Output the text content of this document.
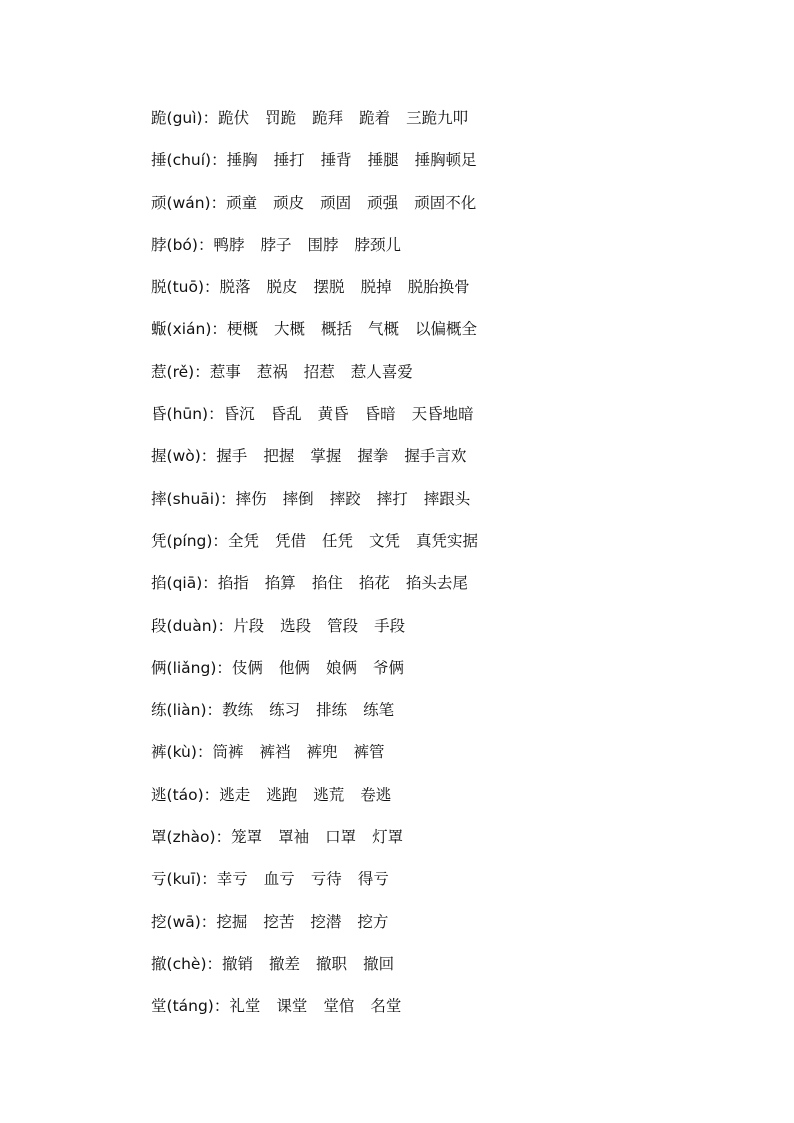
跪(guì)：跪伏 罚跪 跪拜 跪着 三跪九叩
捶(chuí)：捶胸 捶打 捶背 捶腿 捶胸顿足
顽(wán)：顽童 顽皮 顽固 顽强 顽固不化
脖(bó)：鸭脖 脖子 围脖 脖颈儿
脱(tuō)：脱落 脱皮 摆脱 脱掉 脱胎换骨
蝂(xián)：梗概 大概 概括 气概 以偏概全
惹(rě)：惹事 惹祸 招惹 惹人喜爱
昏(hūn)：昏沉 昏乱 黄昏 昏暗 天昏地暗
握(wò)：握手 把握 掌握 握拳 握手言欢
摔(shuāi)：摔伤 摔倒 摔跤 摔打 摔跟头
凭(píng)：全凭 凭借 任凭 文凭 真凭实据
掐(qiā)：掐指 掐算 掐住 掐花 掐头去尾
段(duàn)：片段 选段 管段 手段
俩(liǎng)：伎俩 他俩 娘俩 爷俩
练(liàn)：教练 练习 排练 练笔
裤(kù)：筒裤 裤裆 裤兜 裤管
逃(táo)：逃走 逃跑 逃荒 卷逃
罩(zhào)：笼罩 罩袖 口罩 灯罩
亏(kuī)：幸亏 血亏 亏待 得亏
挖(wā)：挖掘 挖苦 挖潜 挖方
撤(chè)：撤销 撤差 撤职 撤回
堂(táng)：礼堂 课堂 堂倌 名堂
